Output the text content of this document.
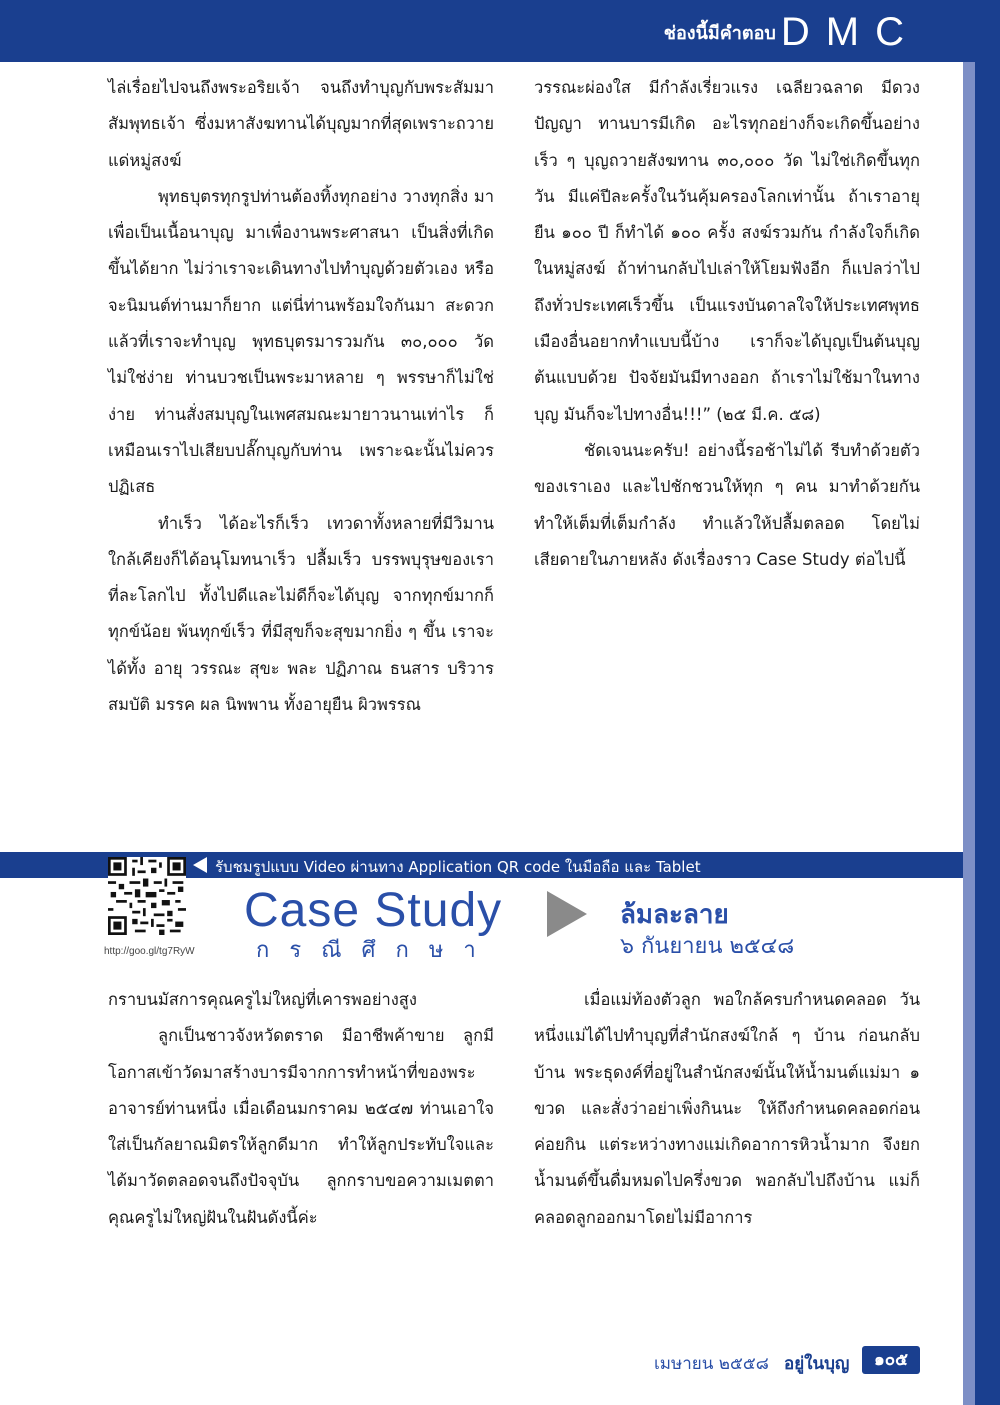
ช่องนี้มีคำตอบ DMC

ไล่เรื่อยไปจนถึงพระอริยเจ้า จนถึงทำบุญกับพระสัมมาสัมพุทธเจ้า ซึ่งมหาสังฆทานได้บุญมากที่สุดเพราะถวายแด่หมู่สงฆ์

พุทธบุตรทุกรูปท่านต้องทิ้งทุกอย่าง วางทุกสิ่ง มาเพื่อเป็นเนื้อนาบุญ มาเพื่องานพระศาสนา เป็นสิ่งที่เกิดขึ้นได้ยาก ไม่ว่าเราจะเดินทางไปทำบุญด้วยตัวเอง หรือจะนิมนต์ท่านมาก็ยาก แต่นี่ท่านพร้อมใจกันมา สะดวกแล้วที่เราจะทำบุญ พุทธบุตรมารวมกัน ๓๐,๐๐๐ วัด ไม่ใช่ง่าย ท่านบวชเป็นพระมาหลาย ๆ พรรษาก็ไม่ใช่ง่าย ท่านสั่งสมบุญในเพศสมณะมายาวนานเท่าไร ก็เหมือนเราไปเสียบปลั๊กบุญกับท่าน เพราะฉะนั้นไม่ควรปฏิเสธ

ทำเร็ว ได้อะไรก็เร็ว เทวดาทั้งหลายที่มีวิมานใกล้เคียงก็ได้อนุโมทนาเร็ว ปลื้มเร็ว บรรพบุรุษของเราที่ละโลกไป ทั้งไปดีและไม่ดีก็จะได้บุญ จากทุกข์มากก็ทุกข์น้อย พ้นทุกข์เร็ว ที่มีสุขก็จะสุขมากยิ่ง ๆ ขึ้น เราจะได้ทั้ง อายุ วรรณะ สุขะ พละ ปฏิภาณ ธนสาร บริวารสมบัติ มรรค ผล นิพพาน ทั้งอายุยืน ผิวพรรณ

วรรณะผ่องใส มีกำลังเรี่ยวแรง เฉลียวฉลาด มีดวงปัญญา ทานบารมีเกิด อะไรทุกอย่างก็จะเกิดขึ้นอย่างเร็ว ๆ บุญถวายสังฆทาน ๓๐,๐๐๐ วัด ไม่ใช่เกิดขึ้นทุกวัน มีแค่ปีละครั้งในวันคุ้มครองโลกเท่านั้น ถ้าเราอายุยืน ๑๐๐ ปี ก็ทำได้ ๑๐๐ ครั้ง สงฆ์รวมกัน กำลังใจก็เกิดในหมู่สงฆ์ ถ้าท่านกลับไปเล่าให้โยมฟังอีก ก็แปลว่าไปถึงทั่วประเทศเร็วขึ้น เป็นแรงบันดาลใจให้ประเทศพุทธเมืองอื่นอยากทำแบบนี้บ้าง เราก็จะได้บุญเป็นต้นบุญต้นแบบด้วย ปัจจัยมันมีทางออก ถ้าเราไม่ใช้มาในทางบุญ มันก็จะไปทางอื่น!!!” (๒๕ มี.ค. ๕๘)

ชัดเจนนะครับ! อย่างนี้รอช้าไม่ได้ รีบทำด้วยตัวของเราเอง และไปชักชวนให้ทุก ๆ คน มาทำด้วยกัน ทำให้เต็มที่เต็มกำลัง ทำแล้วให้ปลื้มตลอด โดยไม่เสียดายในภายหลัง ดังเรื่องราว Case Study ต่อไปนี้

รับชมรูปแบบ Video ผ่านทาง Application QR code ในมือถือ และ Tablet
http://goo.gl/tg7RyW
Case Study
กรณีศึกษา
ล้มละลาย
๖ กันยายน ๒๕๔๘

กราบนมัสการคุณครูไม่ใหญ่ที่เคารพอย่างสูง

ลูกเป็นชาวจังหวัดตราด มีอาชีพค้าขาย ลูกมีโอกาสเข้าวัดมาสร้างบารมีจากการทำหน้าที่ของพระอาจารย์ท่านหนึ่ง เมื่อเดือนมกราคม ๒๕๔๗ ท่านเอาใจใส่เป็นกัลยาณมิตรให้ลูกดีมาก ทำให้ลูกประทับใจและได้มาวัดตลอดจนถึงปัจจุบัน ลูกกราบขอความเมตตาคุณครูไม่ใหญ่ฝันในฝันดังนี้ค่ะ

เมื่อแม่ท้องตัวลูก พอใกล้ครบกำหนดคลอด วันหนึ่งแม่ได้ไปทำบุญที่สำนักสงฆ์ใกล้ ๆ บ้าน ก่อนกลับบ้าน พระธุดงค์ที่อยู่ในสำนักสงฆ์นั้นให้น้ำมนต์แม่มา ๑ ขวด และสั่งว่าอย่าเพิ่งกินนะ ให้ถึงกำหนดคลอดก่อนค่อยกิน แต่ระหว่างทางแม่เกิดอาการหิวน้ำมาก จึงยกน้ำมนต์ขึ้นดื่มหมดไปครึ่งขวด พอกลับไปถึงบ้าน แม่ก็คลอดลูกออกมาโดยไม่มีอาการ

เมษายน ๒๕๕๘ อยู่ในบุญ	๑๐๕
